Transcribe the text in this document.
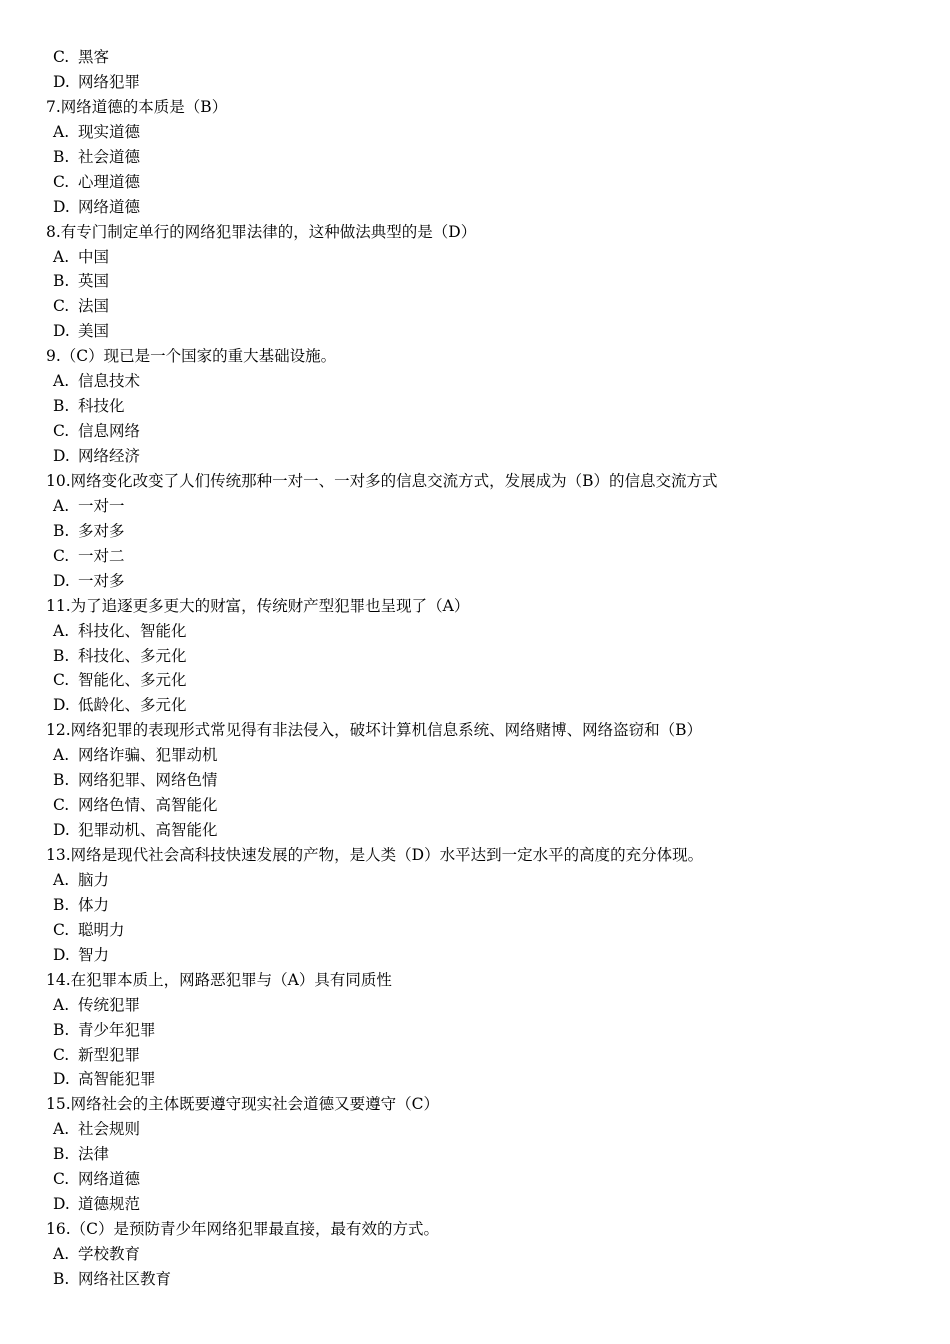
C. 黑客
D. 网络犯罪
7.网络道德的本质是（B）
A. 现实道德
B. 社会道德
C. 心理道德
D. 网络道德
8.有专门制定单行的网络犯罪法律的，这种做法典型的是（D）
A. 中国
B. 英国
C. 法国
D. 美国
9.（C）现已是一个国家的重大基础设施。
A. 信息技术
B. 科技化
C. 信息网络
D. 网络经济
10.网络变化改变了人们传统那种一对一、一对多的信息交流方式，发展成为（B）的信息交流方式
A. 一对一
B. 多对多
C. 一对二
D. 一对多
11.为了追逐更多更大的财富，传统财产型犯罪也呈现了（A）
A. 科技化、智能化
B. 科技化、多元化
C. 智能化、多元化
D. 低龄化、多元化
12.网络犯罪的表现形式常见得有非法侵入，破坏计算机信息系统、网络赌博、网络盗窃和（B）
A. 网络诈骗、犯罪动机
B. 网络犯罪、网络色情
C. 网络色情、高智能化
D. 犯罪动机、高智能化
13.网络是现代社会高科技快速发展的产物，是人类（D）水平达到一定水平的高度的充分体现。
A. 脑力
B. 体力
C. 聪明力
D. 智力
14.在犯罪本质上，网路恶犯罪与（A）具有同质性
A. 传统犯罪
B. 青少年犯罪
C. 新型犯罪
D. 高智能犯罪
15.网络社会的主体既要遵守现实社会道德又要遵守（C）
A. 社会规则
B. 法律
C. 网络道德
D. 道德规范
16.（C）是预防青少年网络犯罪最直接，最有效的方式。
A. 学校教育
B. 网络社区教育
